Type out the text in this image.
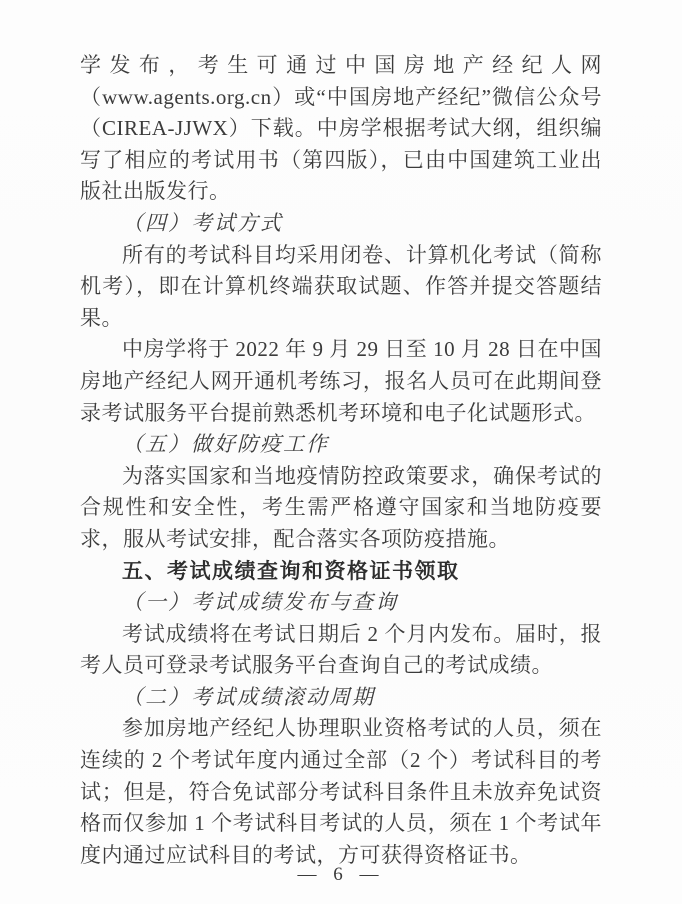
学发布，考生可通过中国房地产经纪人网（www.agents.org.cn）或“中国房地产经纪”微信公众号（CIREA-JJWX）下载。中房学根据考试大纲，组织编写了相应的考试用书（第四版），已由中国建筑工业出版社出版发行。

（四）考试方式

所有的考试科目均采用闭卷、计算机化考试（简称机考），即在计算机终端获取试题、作答并提交答题结果。

中房学将于 2022 年 9 月 29 日至 10 月 28 日在中国房地产经纪人网开通机考练习，报名人员可在此期间登录考试服务平台提前熟悉机考环境和电子化试题形式。

（五）做好防疫工作

为落实国家和当地疫情防控政策要求，确保考试的合规性和安全性，考生需严格遵守国家和当地防疫要求，服从考试安排，配合落实各项防疫措施。

五、考试成绩查询和资格证书领取

（一）考试成绩发布与查询

考试成绩将在考试日期后 2 个月内发布。届时，报考人员可登录考试服务平台查询自己的考试成绩。

（二）考试成绩滚动周期

参加房地产经纪人协理职业资格考试的人员，须在连续的 2 个考试年度内通过全部（2 个）考试科目的考试；但是，符合免试部分考试科目条件且未放弃免试资格而仅参加 1 个考试科目考试的人员，须在 1 个考试年度内通过应试科目的考试，方可获得资格证书。

— 6 —
